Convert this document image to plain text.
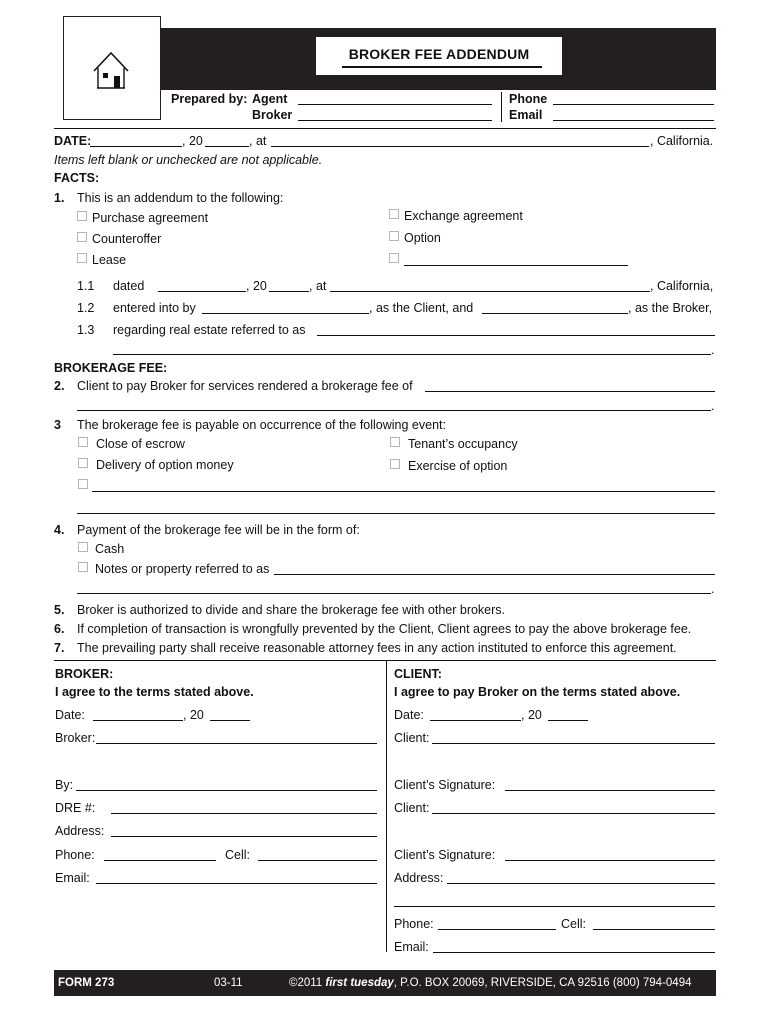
BROKER FEE ADDENDUM
Prepared by: Agent
Broker
Phone
Email
DATE:	, 20	, at	, California.
Items left blank or unchecked are not applicable.
FACTS:
1. This is an addendum to the following:
Purchase agreement
Counteroffer
Lease
Exchange agreement
Option
1.1 dated	, 20	, at	, California,
1.2 entered into by	, as the Client, and	, as the Broker,
1.3 regarding real estate referred to as
.
BROKERAGE FEE:
2. Client to pay Broker for services rendered a brokerage fee of
.
3 The brokerage fee is payable on occurrence of the following event:
Close of escrow
Delivery of option money
Tenant’s occupancy
Exercise of option
4. Payment of the brokerage fee will be in the form of:
Cash
Notes or property referred to as
.
5. Broker is authorized to divide and share the brokerage fee with other brokers.
6. If completion of transaction is wrongfully prevented by the Client, Client agrees to pay the above brokerage fee.
7. The prevailing party shall receive reasonable attorney fees in any action instituted to enforce this agreement.
BROKER:
I agree to the terms stated above.
Date:	, 20
Broker:
By:
DRE #:
Address:
Phone:	Cell:
Email:
CLIENT:
I agree to pay Broker on the terms stated above.
Date:	, 20
Client:
Client’s Signature:
Client:
Client’s Signature:
Address:
Phone:	Cell:
Email:
FORM 273	03-11	©2011 first tuesday, P.O. BOX 20069, RIVERSIDE, CA 92516 (800) 794-0494
